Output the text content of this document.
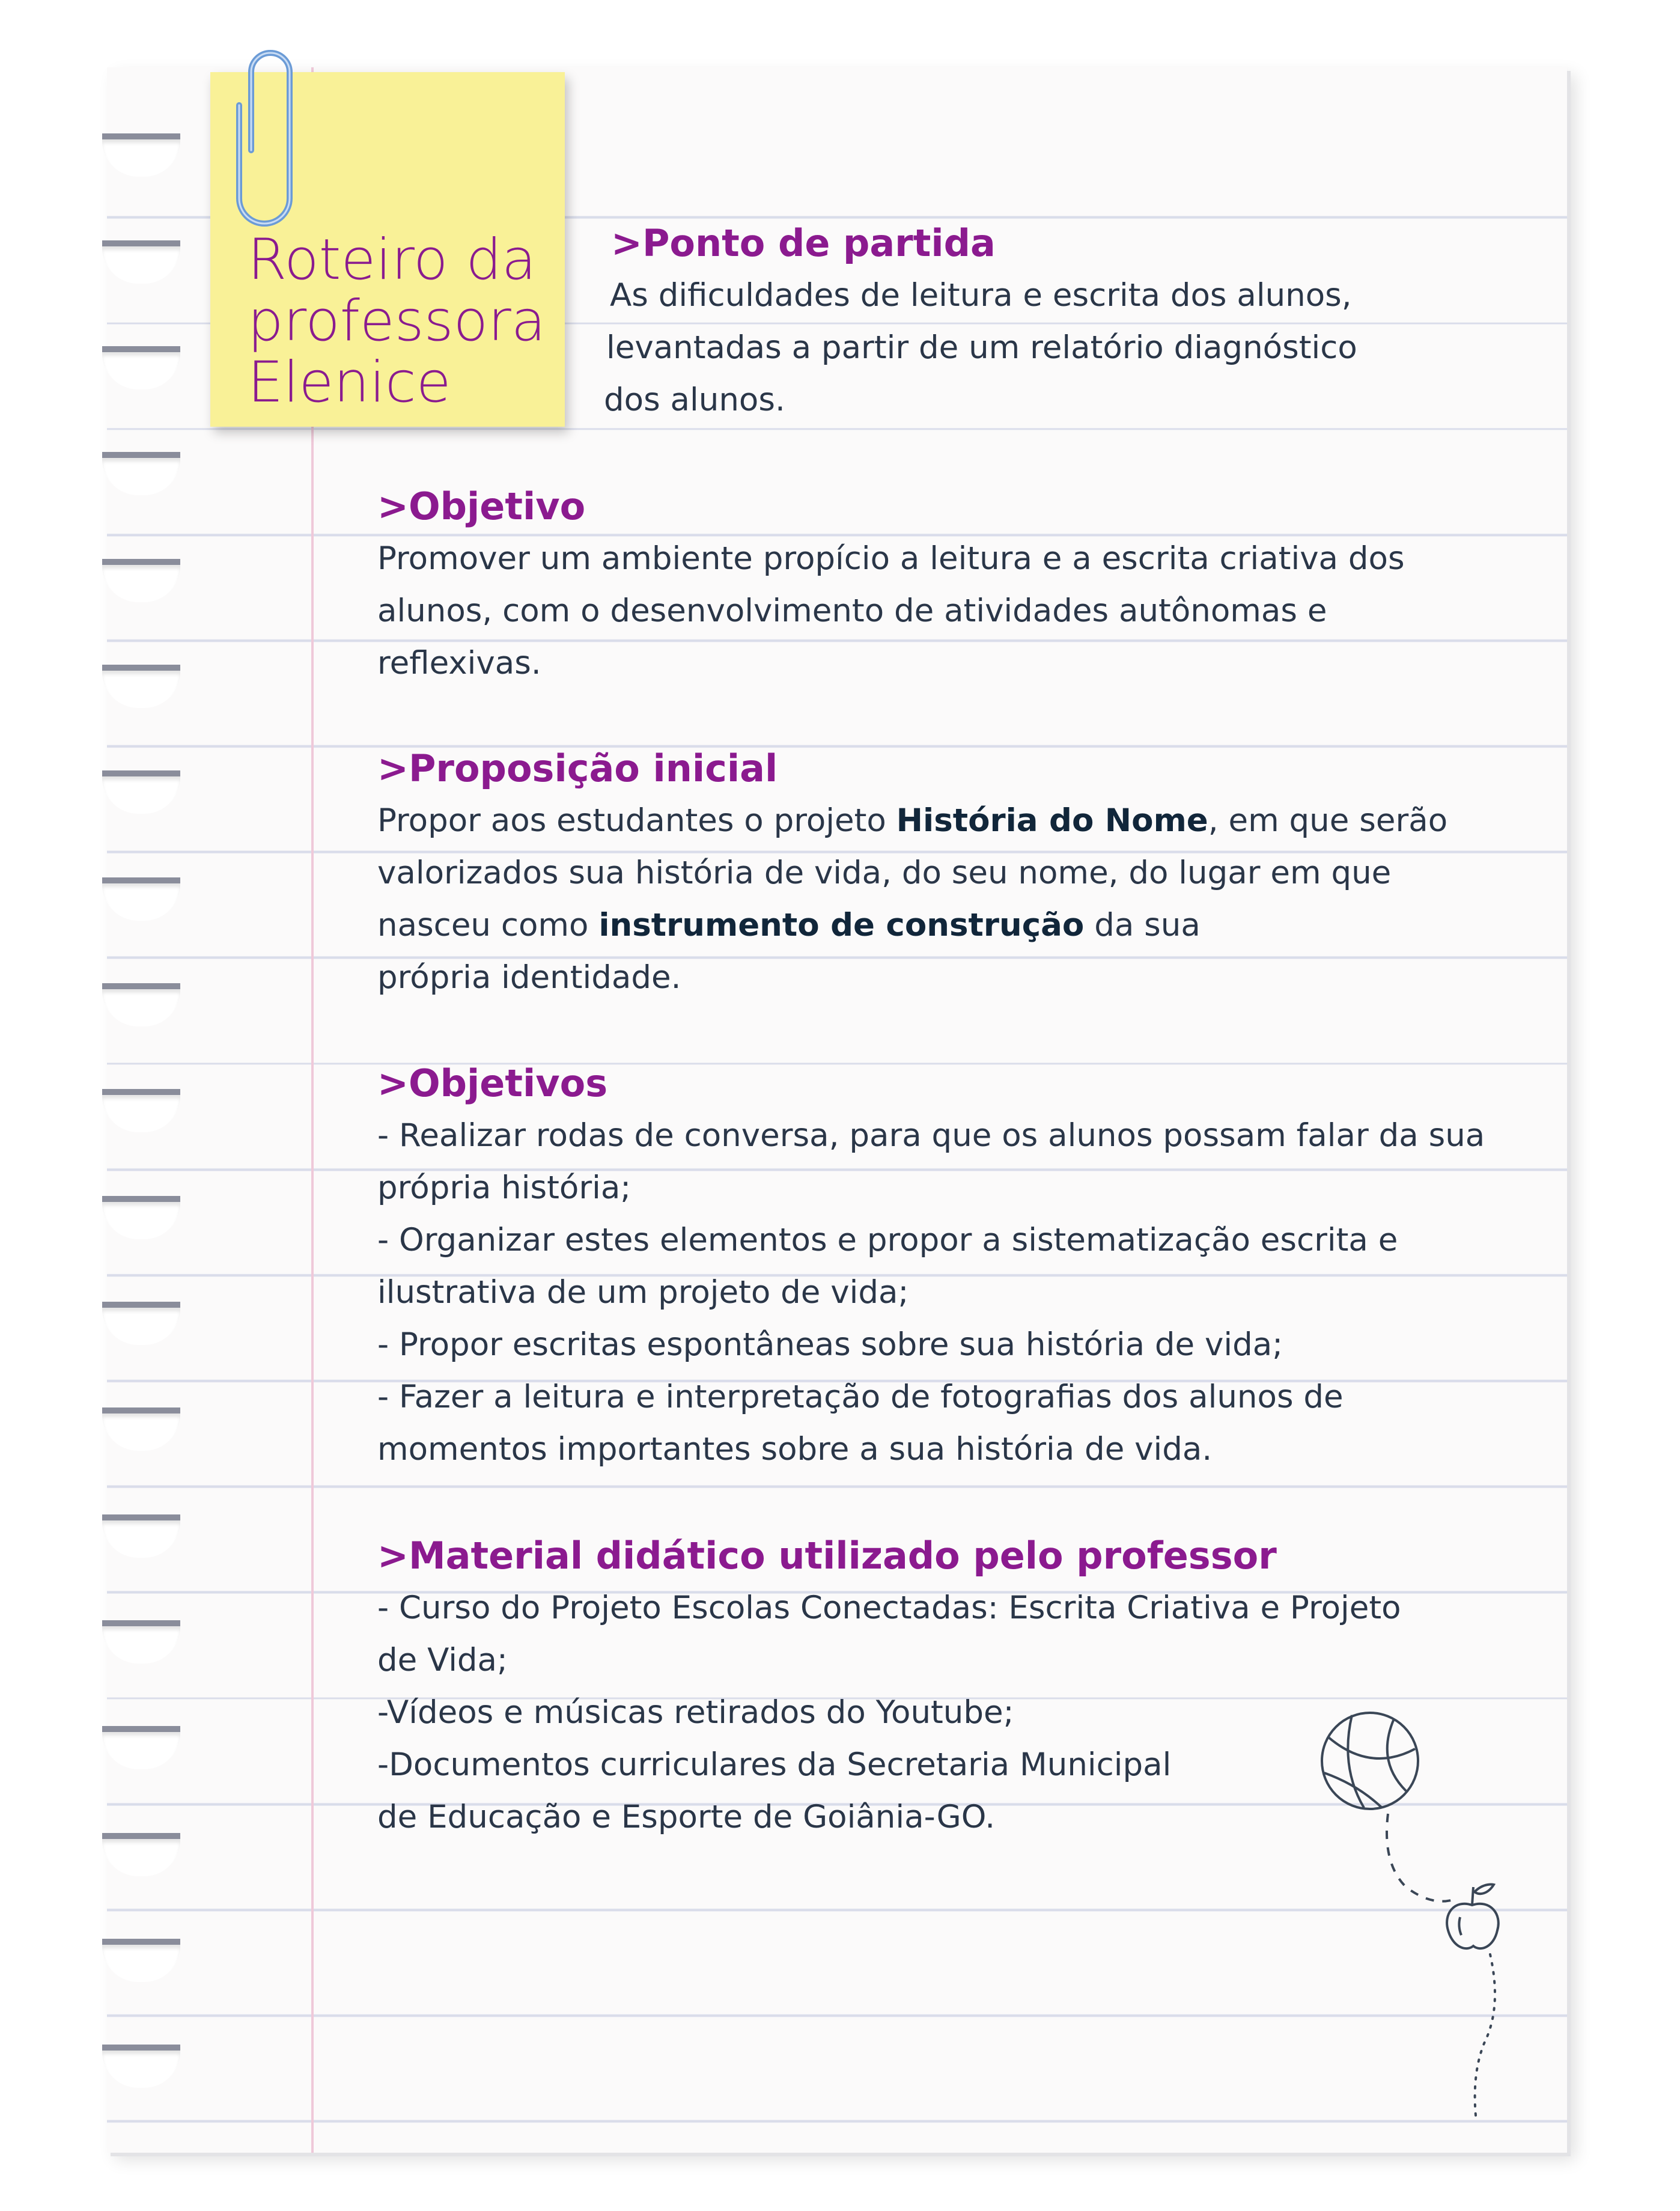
Roteiro da
professora
Elenice

>Ponto de partida

As dificuldades de leitura e escrita dos alunos,
levantadas a partir de um relatório diagnóstico
dos alunos.

>Objetivo

Promover um ambiente propício a leitura e a escrita criativa dos
alunos, com o desenvolvimento de atividades autônomas e
reflexivas.

>Proposição inicial

Propor aos estudantes o projeto História do Nome, em que serão
valorizados sua história de vida, do seu nome, do lugar em que
nasceu como instrumento de construção da sua
própria identidade.

>Objetivos

- Realizar rodas de conversa, para que os alunos possam falar da sua
própria história;
- Organizar estes elementos e propor a sistematização escrita e
ilustrativa de um projeto de vida;
- Propor escritas espontâneas sobre sua história de vida;
- Fazer a leitura e interpretação de fotografias dos alunos de
momentos importantes sobre a sua história de vida.

>Material didático utilizado pelo professor

- Curso do Projeto Escolas Conectadas: Escrita Criativa e Projeto
de Vida;
-Vídeos e músicas retirados do Youtube;
-Documentos curriculares da Secretaria Municipal
de Educação e Esporte de Goiânia-GO.
